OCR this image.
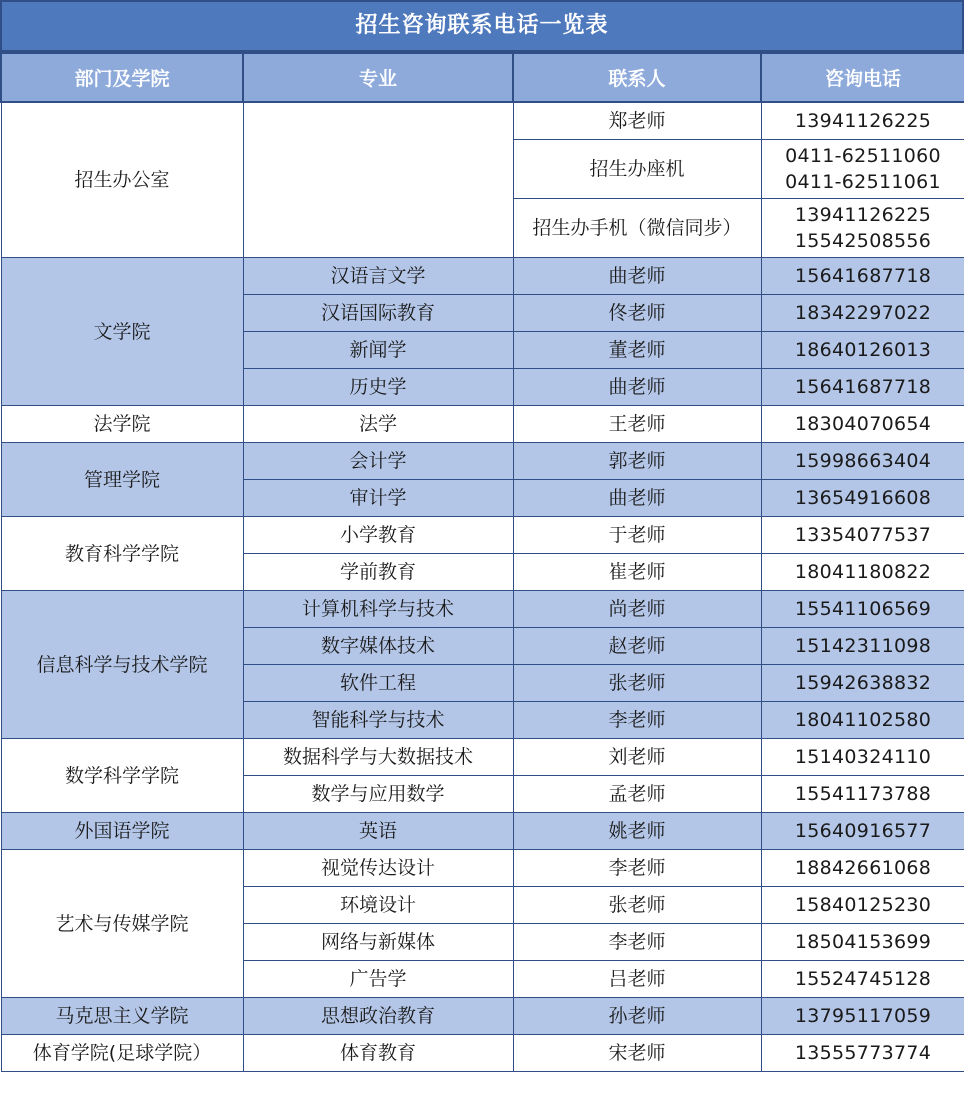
招生咨询联系电话一览表
部门及学院	专业	联系人	咨询电话
招生办公室		郑老师	13941126225
		招生办座机	0411-62511060
0411-62511061

		招生办手机（微信同步）	13941126225
15542508556

文学院	汉语言文学	曲老师	15641687718
	汉语国际教育	佟老师	18342297022
	新闻学	董老师	18640126013
	历史学	曲老师	15641687718
法学院	法学	王老师	18304070654
管理学院	会计学	郭老师	15998663404
	审计学	曲老师	13654916608
教育科学学院	小学教育	于老师	13354077537
	学前教育	崔老师	18041180822
信息科学与技术学院	计算机科学与技术	尚老师	15541106569
	数字媒体技术	赵老师	15142311098
	软件工程	张老师	15942638832
	智能科学与技术	李老师	18041102580
数学科学学院	数据科学与大数据技术	刘老师	15140324110
	数学与应用数学	孟老师	15541173788
外国语学院	英语	姚老师	15640916577
艺术与传媒学院	视觉传达设计	李老师	18842661068
	环境设计	张老师	15840125230
	网络与新媒体	李老师	18504153699
	广告学	吕老师	15524745128
马克思主义学院	思想政治教育	孙老师	13795117059
体育学院(足球学院）	体育教育	宋老师	13555773774
